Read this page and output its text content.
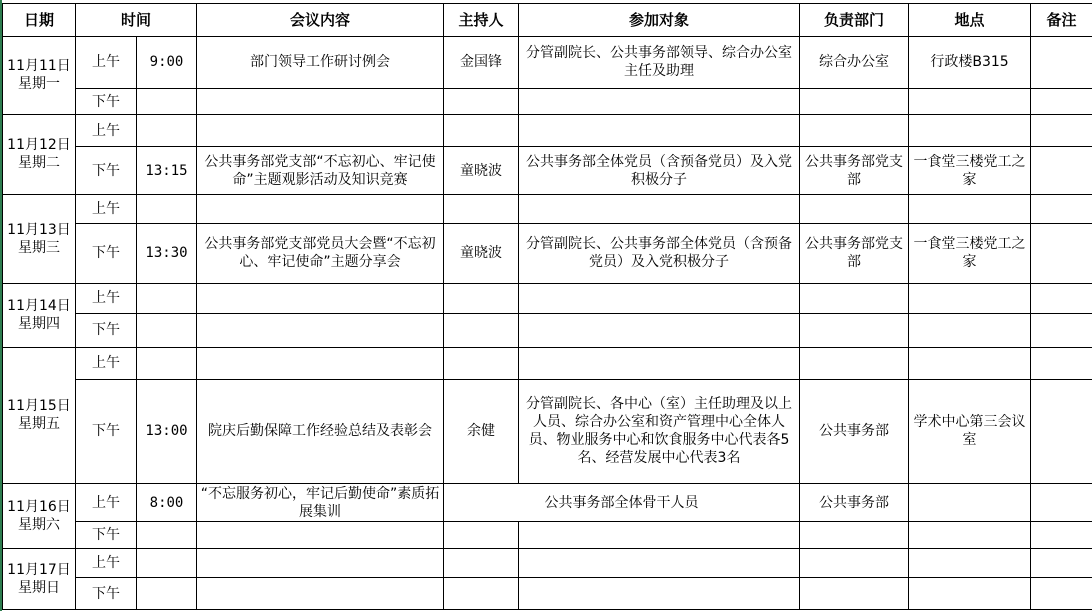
日期	时间		会议内容	主持人	参加对象	负责部门	地点	备注

11月11日
星期一	上午	9:00	部门领导工作研讨例会	金国锋	分管副院长、公共事务部领导、综合办公室主任及助理	综合办公室	行政楼B315	
	下午							

11月12日
星期二	上午							
	下午	13:15	公共事务部党支部“不忘初心、牢记使命”主题观影活动及知识竞赛	童晓波	公共事务部全体党员（含预备党员）及入党积极分子	公共事务部党支部	一食堂三楼党工之家	

11月13日
星期三	上午							
	下午	13:30	公共事务部党支部党员大会暨“不忘初心、牢记使命”主题分享会	童晓波	分管副院长、公共事务部全体党员（含预备党员）及入党积极分子	公共事务部党支部	一食堂三楼党工之家	

11月14日
星期四	上午							
	下午							

11月15日
星期五	上午							
	下午	13:00	院庆后勤保障工作经验总结及表彰会	余健	分管副院长、各中心（室）主任助理及以上人员、综合办公室和资产管理中心全体人员、物业服务中心和饮食服务中心代表各5名、经营发展中心代表3名	公共事务部	学术中心第三会议室	

11月16日
星期六	上午	8:00	“不忘服务初心，牢记后勤使命”素质拓展集训	公共事务部全体骨干人员		公共事务部		
	下午							

11月17日
星期日	上午							
	下午							
